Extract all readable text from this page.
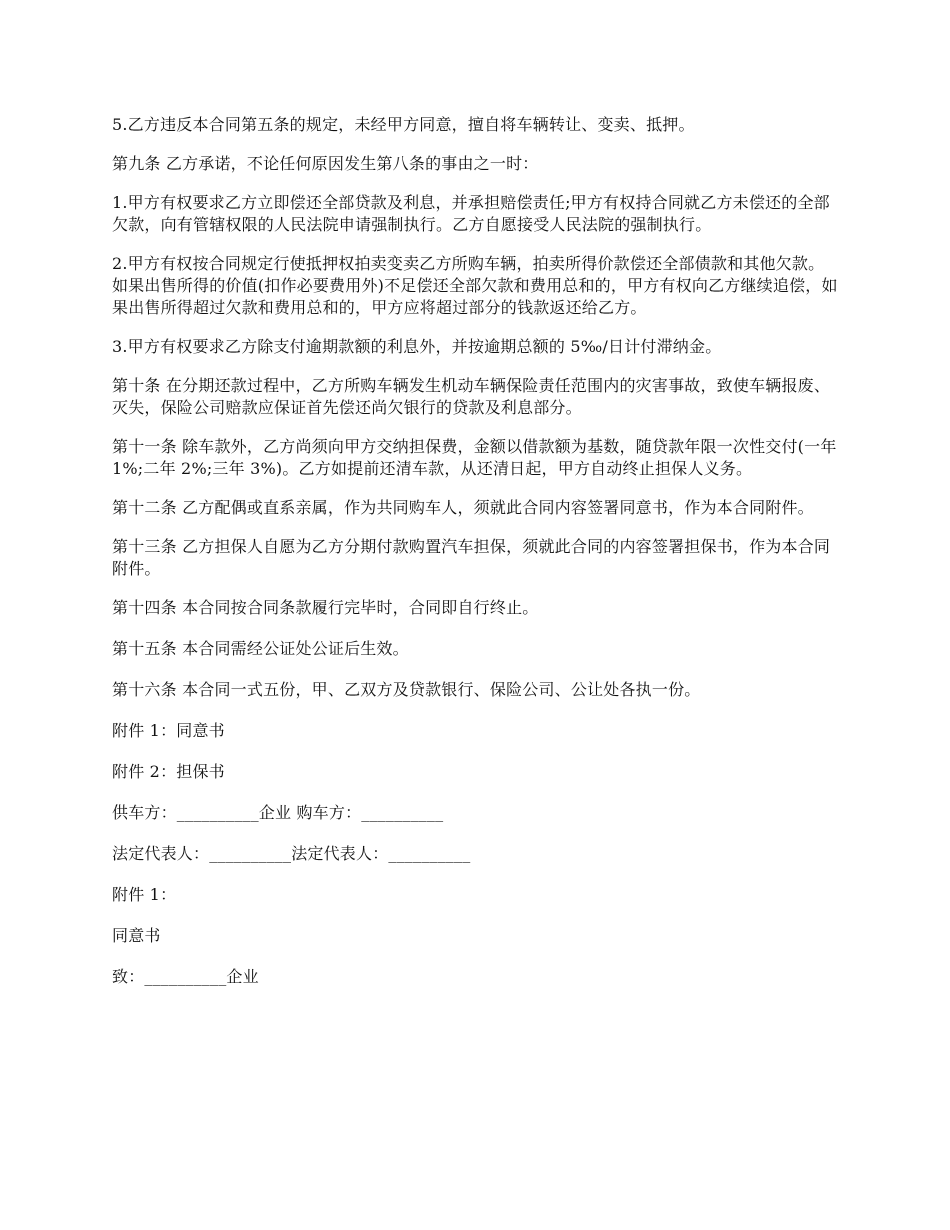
5.乙方违反本合同第五条的规定，未经甲方同意，擅自将车辆转让、变卖、抵押。

第九条 乙方承诺，不论任何原因发生第八条的事由之一时：

1.甲方有权要求乙方立即偿还全部贷款及利息，并承担赔偿责任;甲方有权持合同就乙方未偿还的全部欠款，向有管辖权限的人民法院申请强制执行。乙方自愿接受人民法院的强制执行。

2.甲方有权按合同规定行使抵押权拍卖变卖乙方所购车辆，拍卖所得价款偿还全部债款和其他欠款。如果出售所得的价值(扣作必要费用外)不足偿还全部欠款和费用总和的，甲方有权向乙方继续追偿，如果出售所得超过欠款和费用总和的，甲方应将超过部分的钱款返还给乙方。

3.甲方有权要求乙方除支付逾期款额的利息外，并按逾期总额的 5‰/日计付滞纳金。

第十条 在分期还款过程中，乙方所购车辆发生机动车辆保险责任范围内的灾害事故，致使车辆报废、灭失，保险公司赔款应保证首先偿还尚欠银行的贷款及利息部分。

第十一条 除车款外，乙方尚须向甲方交纳担保费，金额以借款额为基数，随贷款年限一次性交付(一年 1%;二年 2%;三年 3%)。乙方如提前还清车款，从还清日起，甲方自动终止担保人义务。

第十二条 乙方配偶或直系亲属，作为共同购车人，须就此合同内容签署同意书，作为本合同附件。

第十三条 乙方担保人自愿为乙方分期付款购置汽车担保，须就此合同的内容签署担保书，作为本合同附件。

第十四条 本合同按合同条款履行完毕时，合同即自行终止。

第十五条 本合同需经公证处公证后生效。

第十六条 本合同一式五份，甲、乙双方及贷款银行、保险公司、公让处各执一份。

附件 1：同意书

附件 2：担保书

供车方：__________企业 购车方：__________

法定代表人：__________法定代表人：__________

附件 1：

同意书

致：__________企业
